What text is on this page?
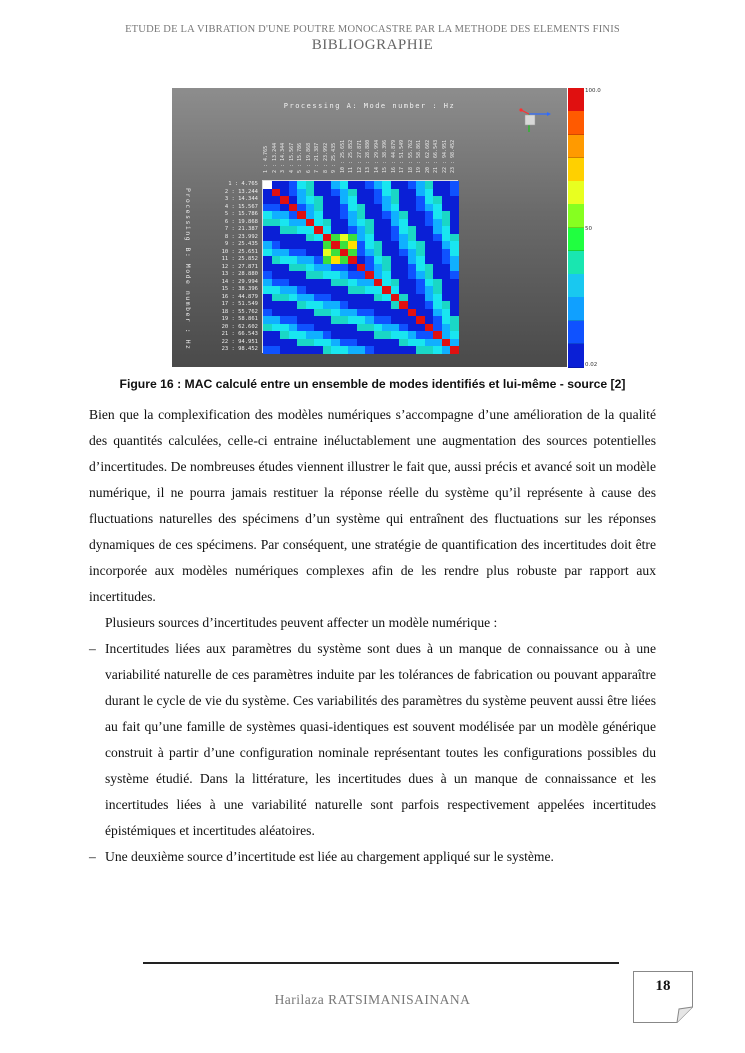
ETUDE DE LA VIBRATION D'UNE POUTRE MONOCASTRE PAR LA METHODE DES ELEMENTS FINIS
BIBLIOGRAPHIE
Processing A: Mode number : Hz
1 : 4.765 2 : 13.244 3 : 14.344 4 : 15.567 5 : 15.786 6 : 19.868 7 : 21.387 8 : 23.992 9 : 25.435 10 : 25.651 11 : 25.852 12 : 27.871 13 : 28.880 14 : 29.994 15 : 38.396 16 : 44.879 17 : 51.549 18 : 55.762 19 : 58.861 20 : 62.602 21 : 66.543 22 : 94.951 23 : 98.452
Processing B: Mode number : Hz
1 : 4.765
2 : 13.244
3 : 14.344
4 : 15.567
5 : 15.786
6 : 19.868
7 : 21.387
8 : 23.992
9 : 25.435
10 : 25.651
11 : 25.852
12 : 27.871
13 : 28.880
14 : 29.994
15 : 38.396
16 : 44.879
17 : 51.549
18 : 55.762
19 : 58.861
20 : 62.602
21 : 66.543
22 : 94.951
23 : 98.452
100.0
50
0.02
Figure 16 : MAC calculé entre un ensemble de modes identifiés et lui-même - source [2]

Bien que la complexification des modèles numériques s’accompagne d’une amélioration de la qualité des quantités calculées, celle-ci entraine inéluctablement une augmentation des sources potentielles d’incertitudes. De nombreuses études viennent illustrer le fait que, aussi précis et avancé soit un modèle numérique, il ne pourra jamais restituer la réponse réelle du système qu’il représente à cause des fluctuations naturelles des spécimens d’un système qui entraînent des fluctuations sur les réponses dynamiques de ces spécimens. Par conséquent, une stratégie de quantification des incertitudes doit être incorporée aux modèles numériques complexes afin de les rendre plus robuste par rapport aux incertitudes.

Plusieurs sources d’incertitudes peuvent affecter un modèle numérique :

– Incertitudes liées aux paramètres du système sont dues à un manque de connaissance ou à une variabilité naturelle de ces paramètres induite par les tolérances de fabrication ou pouvant apparaître durant le cycle de vie du système. Ces variabilités des paramètres du système peuvent aussi être liées au fait qu’une famille de systèmes quasi-identiques est souvent modélisée par un modèle générique construit à partir d’une configuration nominale représentant toutes les configurations possibles du système étudié. Dans la littérature, les incertitudes dues à un manque de connaissance et les incertitudes liées à une variabilité naturelle sont parfois respectivement appelées incertitudes épistémiques et incertitudes aléatoires.
– Une deuxième source d’incertitude est liée au chargement appliqué sur le système.
Harilaza RATSIMANISAINANA
18
